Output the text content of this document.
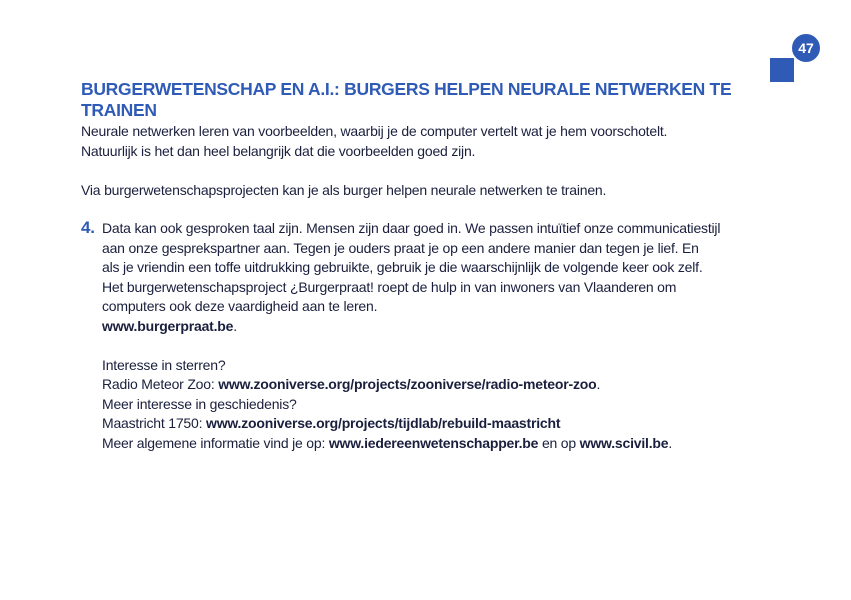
47
BURGERWETENSCHAP EN A.I.: BURGERS HELPEN NEURALE NETWERKEN TE TRAINEN

Neurale netwerken leren van voorbeelden, waarbij je de computer vertelt wat je hem voorschotelt.

Natuurlijk is het dan heel belangrijk dat die voorbeelden goed zijn.

Via burgerwetenschapsprojecten kan je als burger helpen neurale netwerken te trainen.

4. Data kan ook gesproken taal zijn. Mensen zijn daar goed in. We passen intuïtief onze communicatiestijl

aan onze gesprekspartner aan. Tegen je ouders praat je op een andere manier dan tegen je lief. En

als je vriendin een toffe uitdrukking gebruikte, gebruik je die waarschijnlijk de volgende keer ook zelf.

Het burgerwetenschapsproject ¿Burgerpraat! roept de hulp in van inwoners van Vlaanderen om

computers ook deze vaardigheid aan te leren.

www.burgerpraat.be.

Interesse in sterren?

Radio Meteor Zoo: www.zooniverse.org/projects/zooniverse/radio-meteor-zoo.

Meer interesse in geschiedenis?

Maastricht 1750: www.zooniverse.org/projects/tijdlab/rebuild-maastricht

Meer algemene informatie vind je op: www.iedereenwetenschapper.be en op www.scivil.be.
